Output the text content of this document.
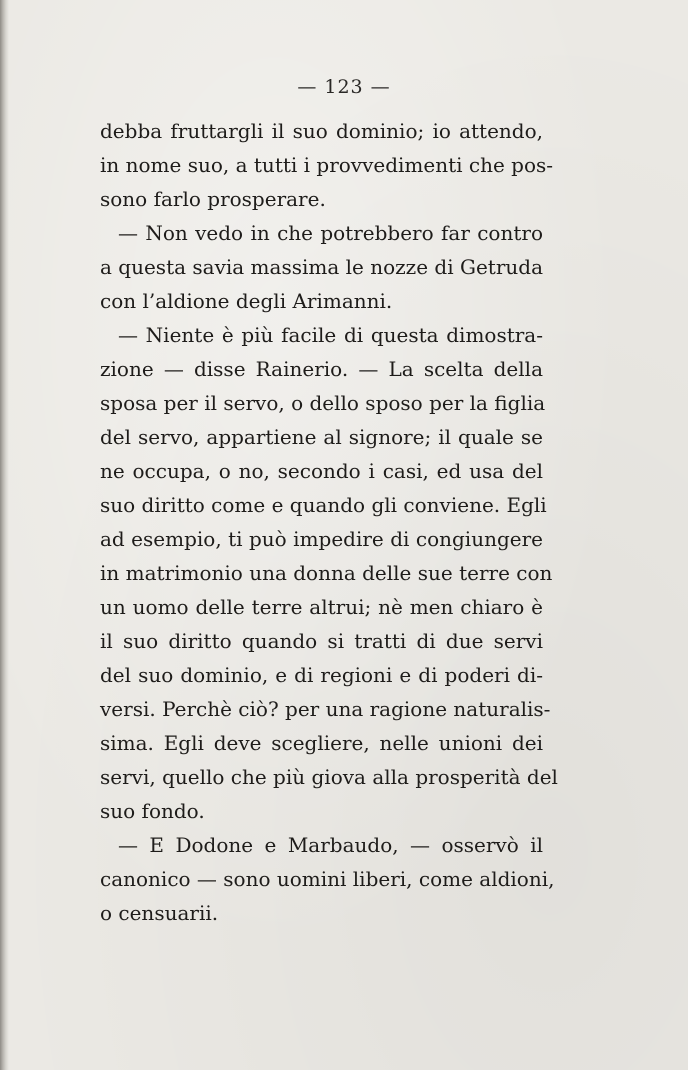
— 123 —
debba fruttargli il suo dominio; io attendo,
in nome suo, a tutti i provvedimenti che pos-
sono farlo prosperare.
— Non vedo in che potrebbero far contro
a questa savia massima le nozze di Getruda
con l’aldione degli Arimanni.
— Niente è più facile di questa dimostra-
zione — disse Rainerio. — La scelta della
sposa per il servo, o dello sposo per la figlia
del servo, appartiene al signore; il quale se
ne occupa, o no, secondo i casi, ed usa del
suo diritto come e quando gli conviene. Egli
ad esempio, ti può impedire di congiungere
in matrimonio una donna delle sue terre con
un uomo delle terre altrui; nè men chiaro è
il suo diritto quando si tratti di due servi
del suo dominio, e di regioni e di poderi di-
versi. Perchè ciò? per una ragione naturalis-
sima. Egli deve scegliere, nelle unioni dei
servi, quello che più giova alla prosperità del
suo fondo.
— E Dodone e Marbaudo, — osservò il
canonico — sono uomini liberi, come aldioni,
o censuarii.
